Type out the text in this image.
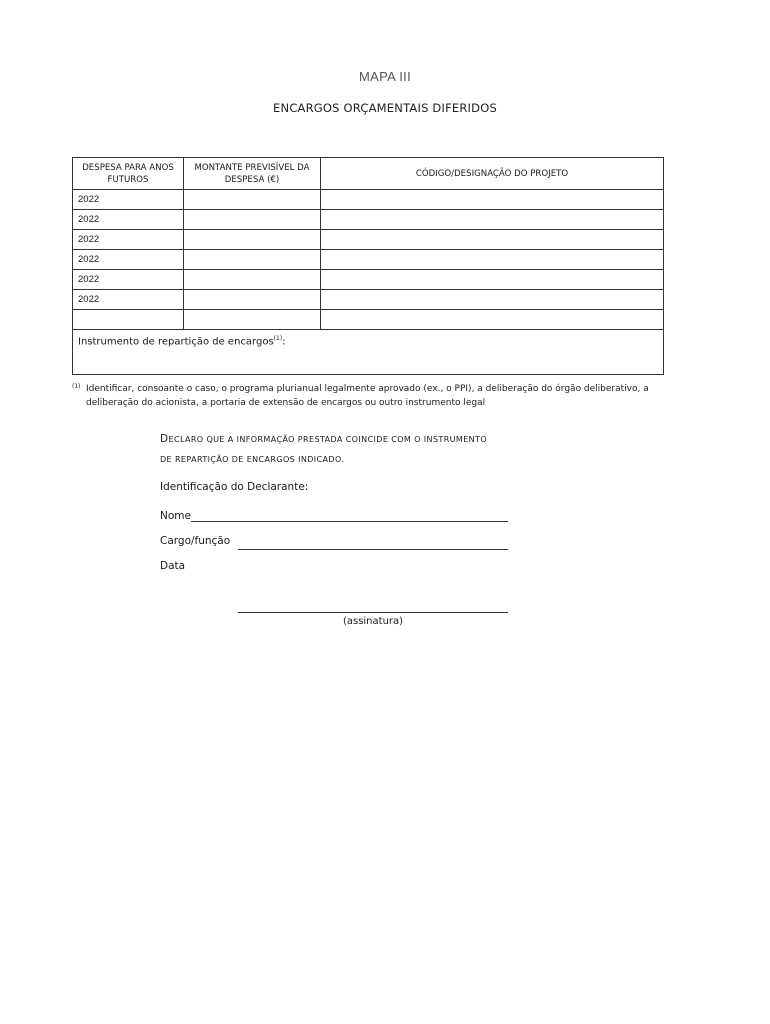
MAPA III
ENCARGOS ORÇAMENTAIS DIFERIDOS
DESPESA PARA ANOS FUTUROS	MONTANTE PREVISÍVEL DA DESPESA (€)	CÓDIGO/DESIGNAÇÃO DO PROJETO
2022		
2022		
2022		
2022		
2022		
2022		

Instrumento de repartição de encargos$^{(1)}$:		
(1) Identificar, consoante o caso, o programa plurianual legalmente aprovado (ex., o PPI), a deliberação do órgão deliberativo, a deliberação do acionista, a portaria de extensão de encargos ou outro instrumento legal
DECLARO QUE A INFORMAÇÃO PRESTADA COINCIDE COM O INSTRUMENTO
DE REPARTIÇÃO DE ENCARGOS INDICADO.
Identificação do Declarante:
Nome
Cargo/função
Data
(assinatura)
